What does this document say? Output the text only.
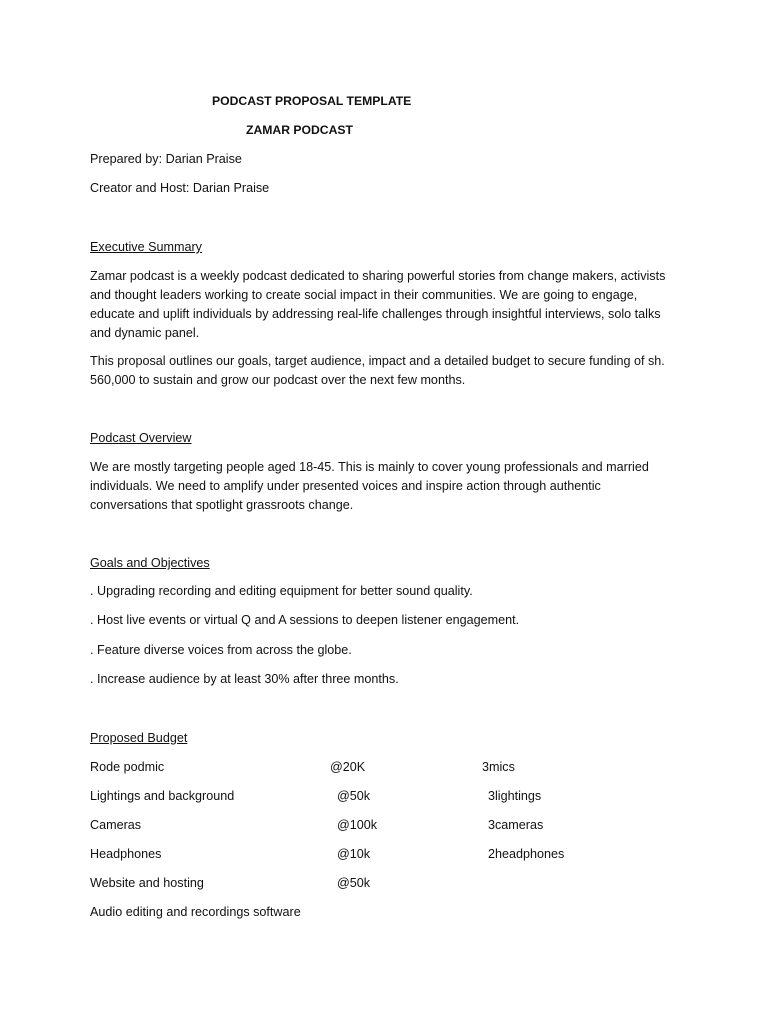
PODCAST PROPOSAL TEMPLATE
ZAMAR PODCAST
Prepared by: Darian Praise
Creator and Host: Darian Praise
Executive Summary
Zamar podcast is a weekly podcast dedicated to sharing powerful stories from change makers, activists and thought leaders working to create social impact in their communities. We are going to engage, educate and uplift individuals by addressing real-life challenges through insightful interviews, solo talks and dynamic panel.
This proposal outlines our goals, target audience, impact and a detailed budget to secure funding of sh. 560,000 to sustain and grow our podcast over the next few months.
Podcast Overview
We are mostly targeting people aged 18-45. This is mainly to cover young professionals and married individuals. We need to amplify under presented voices and inspire action through authentic conversations that spotlight grassroots change.
Goals and Objectives
. Upgrading recording and editing equipment for better sound quality.
. Host live events or virtual Q and A sessions to deepen listener engagement.
. Feature diverse voices from across the globe.
. Increase audience by at least 30% after three months.
Proposed Budget
Rode podmic	@20K	3mics
Lightings and background	@50k	3lightings
Cameras	@100k	3cameras
Headphones	@10k	2headphones
Website and hosting	@50k
Audio editing and recordings software
